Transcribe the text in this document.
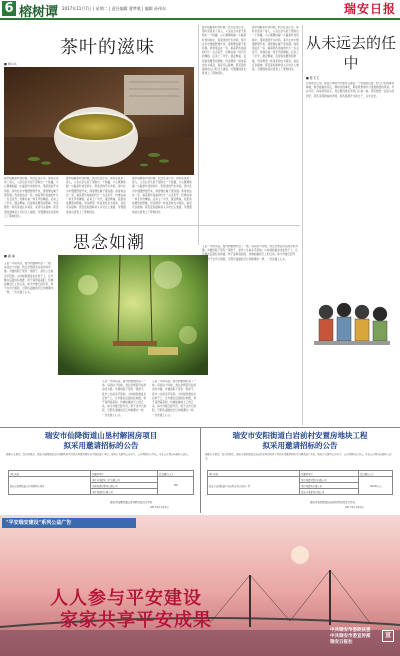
6 榕树谭 2017年11月7日 | 星期二 | 责任编辑 曹梦歌 | 编辑 孙伟东	瑞安日报
茶叶的滋味
■ 周小兵
最早接触茶叶的时候，我还在读小学。那时家里来了客人，父亲总会从柜子里取出一个铁罐，小心翼翼地撮一小撮茶叶放进杯中，用滚烫的开水冲泡。茶叶在水中慢慢舒展开来，清香便在屋子里弥漫。我常常站在一旁，看着那些卷曲的叶片一点点张开，仿佛在看一场无声的舞蹈。后来上了中学，课业繁重，夜里常常要熬到很晚。母亲便泡一杯浓茶放在书桌旁，说是可以提神。那苦涩的滋味初入口时让人皱眉，可慢慢地竟也喜欢上了那种回甘。
最早接触茶叶的时候，我还在读小学。那时家里来了客人，父亲总会从柜子里取出一个铁罐，小心翼翼地撮一小撮茶叶放进杯中，用滚烫的开水冲泡。茶叶在水中慢慢舒展开来，清香便在屋子里弥漫。我常常站在一旁，看着那些卷曲的叶片一点点张开，仿佛在看一场无声的舞蹈。后来上了中学，课业繁重，夜里常常要熬到很晚。母亲便泡一杯浓茶放在书桌旁，说是可以提神。那苦涩的滋味初入口时让人皱眉，可慢慢地竟也喜欢上了那种回甘。
最早接触茶叶的时候，我还在读小学。那时家里来了客人，父亲总会从柜子里取出一个铁罐，小心翼翼地撮一小撮茶叶放进杯中，用滚烫的开水冲泡。茶叶在水中慢慢舒展开来，清香便在屋子里弥漫。我常常站在一旁，看着那些卷曲的叶片一点点张开，仿佛在看一场无声的舞蹈。后来上了中学，课业繁重，夜里常常要熬到很晚。母亲便泡一杯浓茶放在书桌旁，说是可以提神。那苦涩的滋味初入口时让人皱眉，可慢慢地竟也喜欢上了那种回甘。
最早接触茶叶的时候，我还在读小学。那时家里来了客人，父亲总会从柜子里取出一个铁罐，小心翼翼地撮一小撮茶叶放进杯中，用滚烫的开水冲泡。茶叶在水中慢慢舒展开来，清香便在屋子里弥漫。我常常站在一旁，看着那些卷曲的叶片一点点张开，仿佛在看一场无声的舞蹈。后来上了中学，课业繁重，夜里常常要熬到很晚。母亲便泡一杯浓茶放在书桌旁，说是可以提神。那苦涩的滋味初入口时让人皱眉，可慢慢地竟也喜欢上了那种回甘。
最早接触茶叶的时候，我还在读小学。那时家里来了客人，父亲总会从柜子里取出一个铁罐，小心翼翼地撮一小撮茶叶放进杯中，用滚烫的开水冲泡。茶叶在水中慢慢舒展开来，清香便在屋子里弥漫。我常常站在一旁，看着那些卷曲的叶片一点点张开，仿佛在看一场无声的舞蹈。后来上了中学，课业繁重，夜里常常要熬到很晚。母亲便泡一杯浓茶放在书桌旁，说是可以提神。那苦涩的滋味初入口时让人皱眉，可慢慢地竟也喜欢上了那种回甘。
从未远去的任中
■ 陈飞飞
在我的记忆里，那座小城的中学始终占据着一个特别的位置。校门口的那棵老樟树，教学楼前的花坛，操场边的单杠，都是我青春岁月里最熟悉的风景。毕业多年，每每回到家乡，我总要绕道去学校门口看一看。那些曾经一起奋斗的同学，那些谆谆教诲的老师，那些挥洒汗水的日子，从未远去。
思念如潮
■ 潘 琳
又是一年秋风起，窗外的梧桐叶落了一地。每到这个时候，我总会想起远在故乡的外婆。外婆的院子里有一架秋千，是外公生前亲手搭的。小时候我最爱坐在秋千上，让外婆在后面轻轻地推，秋千荡得高高的，仿佛能触到天上的云朵。如今外婆已经年迈，秋千也早已斑驳，可那些温暖的记忆却像潮水一样，一次次涌上心头。
又是一年秋风起，窗外的梧桐叶落了一地。每到这个时候，我总会想起远在故乡的外婆。外婆的院子里有一架秋千，是外公生前亲手搭的。小时候我最爱坐在秋千上，让外婆在后面轻轻地推，秋千荡得高高的，仿佛能触到天上的云朵。如今外婆已经年迈，秋千也早已斑驳，可那些温暖的记忆却像潮水一样，一次次涌上心头。
又是一年秋风起，窗外的梧桐叶落了一地。每到这个时候，我总会想起远在故乡的外婆。外婆的院子里有一架秋千，是外公生前亲手搭的。小时候我最爱坐在秋千上，让外婆在后面轻轻地推，秋千荡得高高的，仿佛能触到天上的云朵。如今外婆已经年迈，秋千也早已斑驳，可那些温暖的记忆却像潮水一样，一次次涌上心头。
又是一年秋风起，窗外的梧桐叶落了一地。每到这个时候，我总会想起远在故乡的外婆。外婆的院子里有一架秋千，是外公生前亲手搭的。小时候我最爱坐在秋千上，让外婆在后面轻轻地推，秋千荡得高高的，仿佛能触到天上的云朵。如今外婆已经年迈，秋千也早已斑驳，可那些温暖的记忆却像潮水一样，一次次涌上心头。
瑞安市仙降街道山垦村解困房项目
拟采用邀请招标的公告
根据有关规定，经审批同意，瑞安市仙降街道山垦村解困房项目拟采用邀请招标方式确定施工单位，现将有关事项公告如下。公告期间如有异议，可在公告期内向招标人提出。
项目名称	拟邀请单位	投资额(万元)
瑞安市仙降街道山垦村解困房项目	浙江省某建筑工程有限公司	700
	温州某建设集团有限公司	
	浙江某建设有限公司	
瑞安市仙降街道山垦村股份经济合作社
2017年11月3日
瑞安市安阳街道白岩前村安置房地块工程
拟采用邀请招标的公告
根据有关规定，经审批同意，瑞安市安阳街道白岩前村安置房地块工程拟采用邀请招标方式确定施工单位，现将有关事项公告如下。公告期间如有异议，可在公告期内向招标人提出。
项目名称	拟邀请单位	投资额(万元)
瑞安市安阳街道白岩前村安置房地块工程	浙江某建设集团有限公司	14000万元
	浙江某建筑有限公司	
	瑞安市某建设有限公司	
瑞安市安阳街道白岩前村股份经济合作社
2017年11月6日
"平安瑞安建设"系列公益广告
人人参与平安建设
家家共享平安成果	中共瑞安市委政法委
中共瑞安市委宣传部
瑞安日报社
宣
